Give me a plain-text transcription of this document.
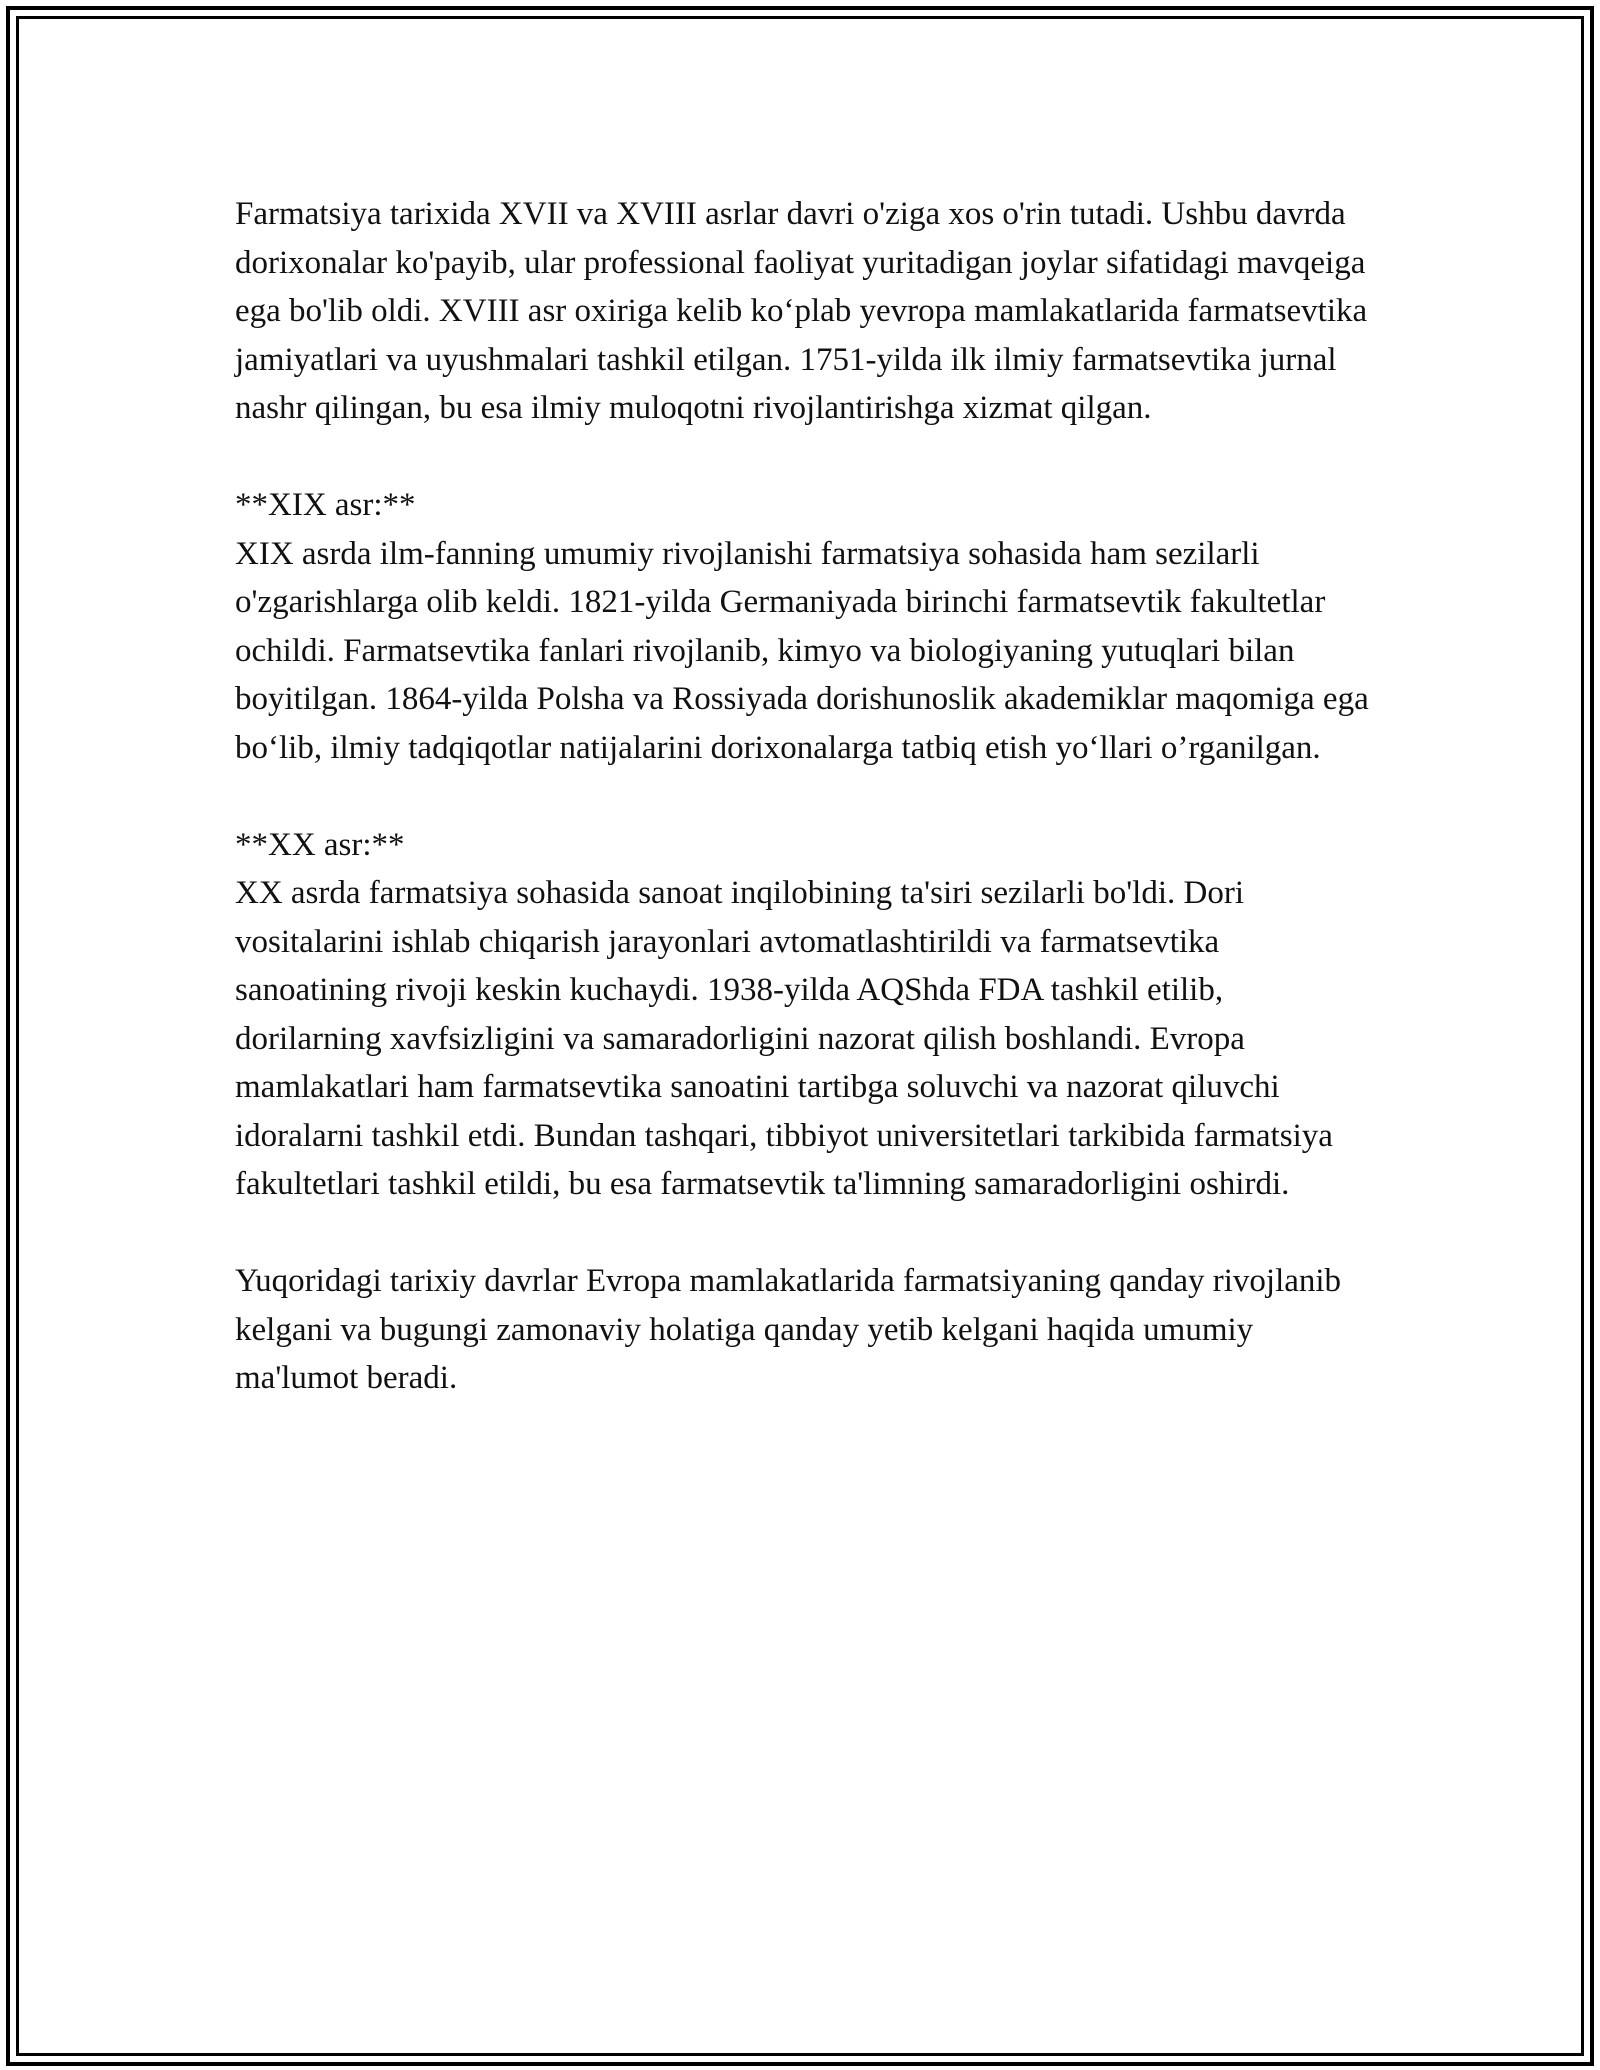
Farmatsiya tarixida XVII va XVIII asrlar davri o'ziga xos o'rin tutadi. Ushbu davrda dorixonalar ko'payib, ular professional faoliyat yuritadigan joylar sifatidagi mavqeiga ega bo'lib oldi. XVIII asr oxiriga kelib ko‘plab yevropa mamlakatlarida farmatsevtika jamiyatlari va uyushmalari tashkil etilgan. 1751-yilda ilk ilmiy farmatsevtika jurnal nashr qilingan, bu esa ilmiy muloqotni rivojlantirishga xizmat qilgan.

**XIX asr:**

XIX asrda ilm-fanning umumiy rivojlanishi farmatsiya sohasida ham sezilarli o'zgarishlarga olib keldi. 1821-yilda Germaniyada birinchi farmatsevtik fakultetlar ochildi. Farmatsevtika fanlari rivojlanib, kimyo va biologiyaning yutuqlari bilan boyitilgan. 1864-yilda Polsha va Rossiyada dorishunoslik akademiklar maqomiga ega bo‘lib, ilmiy tadqiqotlar natijalarini dorixonalarga tatbiq etish yo‘llari o’rganilgan.

**XX asr:**

XX asrda farmatsiya sohasida sanoat inqilobining ta'siri sezilarli bo'ldi. Dori vositalarini ishlab chiqarish jarayonlari avtomatlashtirildi va farmatsevtika sanoatining rivoji keskin kuchaydi. 1938-yilda AQShda FDA tashkil etilib, dorilarning xavfsizligini va samaradorligini nazorat qilish boshlandi. Evropa mamlakatlari ham farmatsevtika sanoatini tartibga soluvchi va nazorat qiluvchi idoralarni tashkil etdi. Bundan tashqari, tibbiyot universitetlari tarkibida farmatsiya fakultetlari tashkil etildi, bu esa farmatsevtik ta'limning samaradorligini oshirdi.

Yuqoridagi tarixiy davrlar Evropa mamlakatlarida farmatsiyaning qanday rivojlanib kelgani va bugungi zamonaviy holatiga qanday yetib kelgani haqida umumiy ma'lumot beradi.
